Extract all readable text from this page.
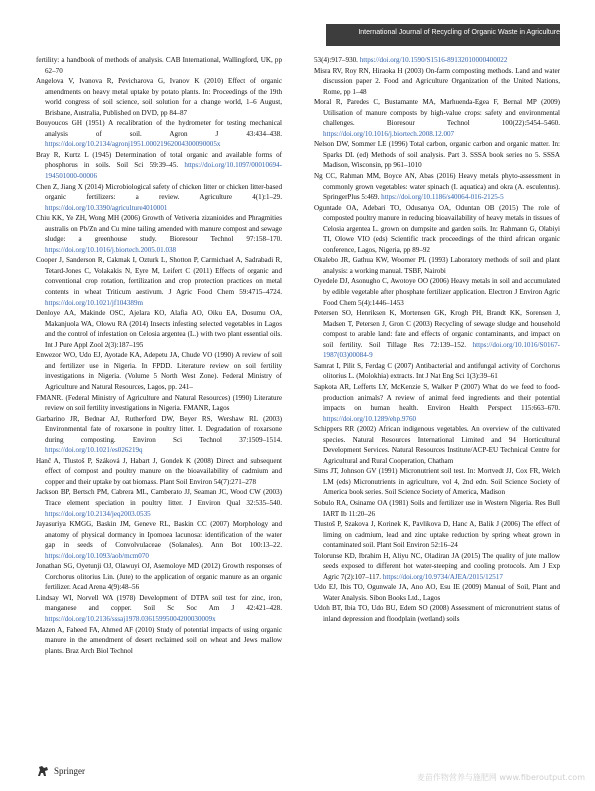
International Journal of Recycling of Organic Waste in Agriculture

fertility: a handbook of methods of analysis. CAB International, Wallingford, UK, pp 62–70

Angelova V, Ivanova R, Pevicharova G, Ivanov K (2010) Effect of organic amendments on heavy metal uptake by potato plants. In: Proceedings of the 19th world congress of soil science, soil solution for a change world, 1–6 August, Brisbane, Australia, Published on DVD, pp 84–87

Bouyoucos GH (1951) A recalibration of the hydrometer for testing mechanical analysis of soil. Agron J 43:434–438. https://doi.org/10.2134/agronj1951.00021962004300090005x

Bray R, Kurtz L (1945) Determination of total organic and available forms of phosphorus in soils. Soil Sci 59:39–45. https://doi.org/10.1097/00010694-194501000-00006

Chen Z, Jiang X (2014) Microbiological safety of chicken litter or chicken litter-based organic fertilizers: a review. Agriculture 4(1):1–29. https://doi.org/10.3390/agriculture4010001

Chiu KK, Ye ZH, Wong MH (2006) Growth of Vetiveria zizanioides and Phragmities australis on Pb/Zn and Cu mine tailing amended with manure compost and sewage sludge: a greenhouse study. Bioresour Technol 97:158–170. https://doi.org/10.1016/j.biortech.2005.01.038

Cooper J, Sanderson R, Cakmak I, Ozturk L, Shotton P, Carmichael A, Sadrabadi R, Tetard-Jones C, Volakakis N, Eyre M, Leifert C (2011) Effects of organic and conventional crop rotation, fertilization and crop protection practices on metal contents in wheat Triticum aestivum. J Agric Food Chem 59:4715–4724. https://doi.org/10.1021/jf104389m

Denloye AA, Makinde OSC, Ajelara KO, Alafia AO, Oiku EA, Dosumu OA, Makanjuola WA, Olowu RA (2014) Insects infesting selected vegetables in Lagos and the control of infestation on Celosia argentea (L.) with two plant essential oils. Int J Pure Appl Zool 2(3):187–195

Enwezor WO, Udo EJ, Ayotade KA, Adepetu JA, Chude VO (1990) A review of soil and fertilizer use in Nigeria. In FPDD. Literature review on soil fertility investigations in Nigeria. (Volume 5 North West Zone). Federal Ministry of Agriculture and Natural Resources, Lagos, pp. 241–

FMANR. (Federal Ministry of Agriculture and Natural Resources) (1990) Literature review on soil fertility investigations in Nigeria. FMANR, Lagos

Garbarino JR, Bednar AJ, Rutherford DW, Beyer RS, Wershaw RL (2003) Environmental fate of roxarsone in poultry litter. I. Degradation of roxarsone during composting. Environ Sci Technol 37:1509–1514. https://doi.org/10.1021/es026219q

Hanč A, Tlustoš P, Száková J, Habart J, Gondek K (2008) Direct and subsequent effect of compost and poultry manure on the bioavailability of cadmium and copper and their uptake by oat biomass. Plant Soil Environ 54(7):271–278

Jackson BP, Bertsch PM, Cabrera ML, Camberato JJ, Seaman JC, Wood CW (2003) Trace element speciation in poultry litter. J Environ Qual 32:535–540. https://doi.org/10.2134/jeq2003.0535

Jayasuriya KMGG, Baskin JM, Geneve RL, Baskin CC (2007) Morphology and anatomy of physical dormancy in Ipomoea lacunosa: identification of the water gap in seeds of Convolvulaceae (Solanales). Ann Bot 100:13–22. https://doi.org/10.1093/aob/mcm070

Jonathan SG, Oyetunji OJ, Olawuyi OJ, Asemoloye MD (2012) Growth responses of Corchorus olitorius Lin. (Jute) to the application of organic manure as an organic fertilizer. Acad Arena 4(9):48–56

Lindsay WI, Norvell WA (1978) Development of DTPA soil test for zinc, iron, manganese and copper. Soil Sc Soc Am J 42:421–428. https://doi.org/10.2136/sssaj1978.03615995004200030009x

Mazen A, Faheed FA, Ahmed AF (2010) Study of potential impacts of using organic manure in the amendment of desert reclaimed soil on wheat and Jews mallow plants. Braz Arch Biol Technol

53(4):917–930. https://doi.org/10.1590/S1516-89132010000400022

Misra RV, Roy RN, Hiraoka H (2003) On-farm composting methods. Land and water discussion paper 2. Food and Agriculture Organization of the United Nations, Rome, pp 1–48

Moral R, Paredes C, Bustamante MA, Marhuenda-Egea F, Bernal MP (2009) Utilisation of manure composts by high-value crops: safety and environmental challenges. Bioresour Technol 100(22):5454–5460. https://doi.org/10.1016/j.biortech.2008.12.007

Nelson DW, Sommer LE (1996) Total carbon, organic carbon and organic matter. In: Sparks DL (ed) Methods of soil analysis. Part 3. SSSA book series no 5. SSSA Madison, Wisconsin, pp 961–1010

Ng CC, Rahman MM, Boyce AN, Abas (2016) Heavy metals phyto-assessment in commonly grown vegetables: water spinach (I. aquatica) and okra (A. esculentus). SpringerPlus 5:469. https://doi.org/10.1186/s40064-016-2125-5

Oguntade OA, Adebari TO, Odusanya OA, Oduntan OB (2015) The role of composted poultry manure in reducing bioavailability of heavy metals in tissues of Celosia argentea L. grown on dumpsite and garden soils. In: Rahmann G, Olabiyi TI, Olowe VIO (eds) Scientific track proceedings of the third african organic conference, Lagos, Nigeria, pp 89–92

Okalebo JR, Gathua KW, Woomer PL (1993) Laboratory methods of soil and plant analysis: a working manual. TSBF, Nairobi

Oyedele DJ, Asonugho C, Awotoye OO (2006) Heavy metals in soil and accumulated by edible vegetable after phosphate fertilizer application. Electron J Environ Agric Food Chem 5(4):1446–1453

Petersen SO, Henriksen K, Mortensen GK, Krogh PH, Brandt KK, Sorensen J, Madsen T, Petersen J, Gron C (2003) Recycling of sewage sludge and household compost to arable land: fate and effects of organic contaminants, and impact on soil fertility. Soil Tillage Res 72:139–152. https://doi.org/10.1016/S0167-1987(03)00084-9

Samrat I, Pilit S, Ferdag C (2007) Antibacterial and antifungal activity of Corchorus olitorius L. (Molokhia) extracts. Int J Nat Eng Sci 1(3):39–61

Sapkota AR, Lefferts LY, McKenzie S, Walker P (2007) What do we feed to food-production animals? A review of animal feed ingredients and their potential impacts on human health. Environ Health Perspect 115:663–670. https://doi.org/10.1289/ehp.9760

Schippers RR (2002) African indigenous vegetables. An overview of the cultivated species. Natural Resources International Limited and 94 Horticultural Development Services. Natural Resources Institute/ACP-EU Technical Centre for Agricultural and Rural Cooperation, Chatham

Sims JT, Johnson GV (1991) Micronutrient soil test. In: Mortvedt JJ, Cox FR, Welch LM (eds) Micronutrients in agriculture, vol 4, 2nd edn. Soil Science Society of America book series. Soil Science Society of America, Madison

Sobulo RA, Osiname OA (1981) Soils and fertilizer use in Western Nigeria. Res Bull IART Ib 11:20–26

Tlustoš P, Szakova J, Korinek K, Pavlikova D, Hanc A, Balik J (2006) The effect of liming on cadmium, lead and zinc uptake reduction by spring wheat grown in contaminated soil. Plant Soil Environ 52:16–24

Tolorunse KD, Ibrahim H, Aliyu NC, Oladiran JA (2015) The quality of jute mallow seeds exposed to different hot water-steeping and cooling protocols. Am J Exp Agric 7(2):107–117. https://doi.org/10.9734/AJEA/2015/12517

Udo EJ, Ibis TO, Ogunwale JA, Ano AO, Esu IE (2009) Manual of Soil, Plant and Water Analysis. Sibon Books Ltd., Lagos

Udoh BT, Ibia TO, Udo BU, Edem SO (2008) Assessment of micronutrient status of inland depression and floodplain (wetland) soils

Springer
麦苗作物营养与施肥网 www.fiberoutput.com
